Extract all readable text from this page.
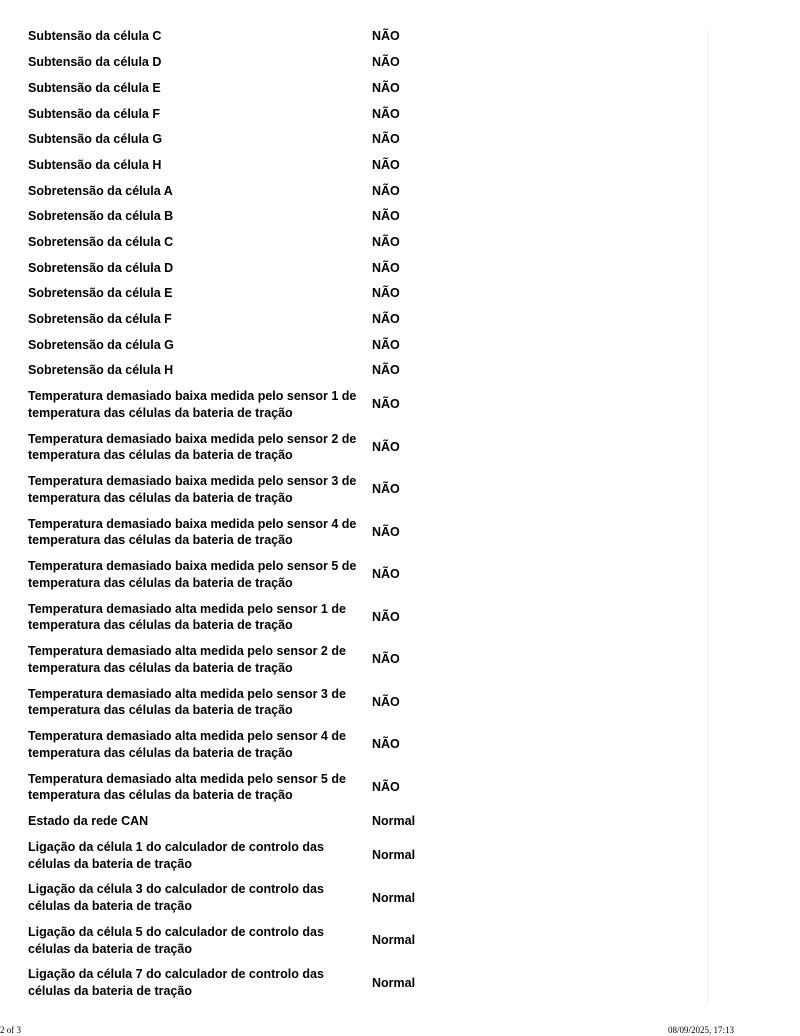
Subtensão da célula C	NÃO
Subtensão da célula D	NÃO
Subtensão da célula E	NÃO
Subtensão da célula F	NÃO
Subtensão da célula G	NÃO
Subtensão da célula H	NÃO
Sobretensão da célula A	NÃO
Sobretensão da célula B	NÃO
Sobretensão da célula C	NÃO
Sobretensão da célula D	NÃO
Sobretensão da célula E	NÃO
Sobretensão da célula F	NÃO
Sobretensão da célula G	NÃO
Sobretensão da célula H	NÃO
Temperatura demasiado baixa medida pelo sensor 1 de temperatura das células da bateria de tração	NÃO
Temperatura demasiado baixa medida pelo sensor 2 de temperatura das células da bateria de tração	NÃO
Temperatura demasiado baixa medida pelo sensor 3 de temperatura das células da bateria de tração	NÃO
Temperatura demasiado baixa medida pelo sensor 4 de temperatura das células da bateria de tração	NÃO
Temperatura demasiado baixa medida pelo sensor 5 de temperatura das células da bateria de tração	NÃO
Temperatura demasiado alta medida pelo sensor 1 de temperatura das células da bateria de tração	NÃO
Temperatura demasiado alta medida pelo sensor 2 de temperatura das células da bateria de tração	NÃO
Temperatura demasiado alta medida pelo sensor 3 de temperatura das células da bateria de tração	NÃO
Temperatura demasiado alta medida pelo sensor 4 de temperatura das células da bateria de tração	NÃO
Temperatura demasiado alta medida pelo sensor 5 de temperatura das células da bateria de tração	NÃO
Estado da rede CAN	Normal
Ligação da célula 1 do calculador de controlo das células da bateria de tração	Normal
Ligação da célula 3 do calculador de controlo das células da bateria de tração	Normal
Ligação da célula 5 do calculador de controlo das células da bateria de tração	Normal
Ligação da célula 7 do calculador de controlo das células da bateria de tração	Normal
2 of 3	08/09/2025, 17:13
